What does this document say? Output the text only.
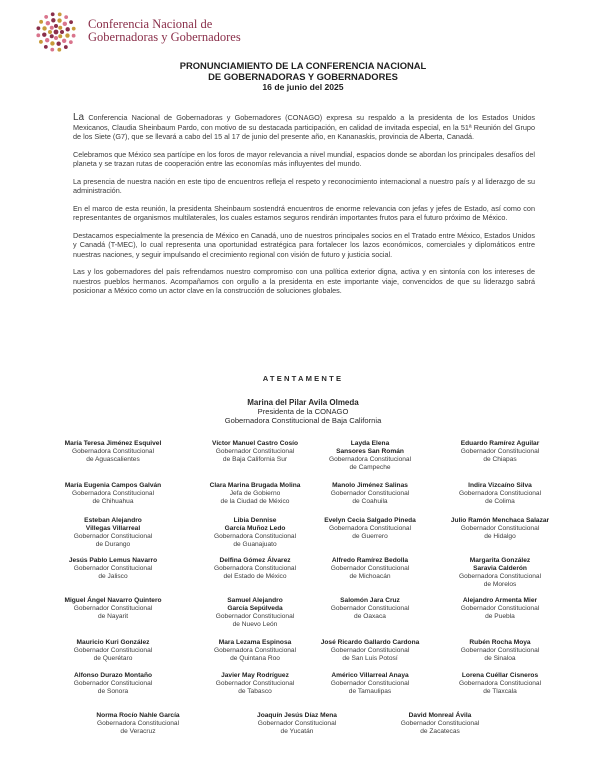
Conferencia Nacional de
Gobernadoras y Gobernadores
PRONUNCIAMIENTO DE LA CONFERENCIA NACIONAL
DE GOBERNADORAS Y GOBERNADORES
16 de junio del 2025

La Conferencia Nacional de Gobernadoras y Gobernadores (CONAGO) expresa su respaldo a la presidenta de los Estados Unidos Mexicanos, Claudia Sheinbaum Pardo, con motivo de su destacada participación, en calidad de invitada especial, en la 51ª Reunión del Grupo de los Siete (G7), que se llevará a cabo del 15 al 17 de junio del presente año, en Kananaskis, provincia de Alberta, Canadá.

Celebramos que México sea partícipe en los foros de mayor relevancia a nivel mundial, espacios donde se abordan los principales desafíos del planeta y se trazan rutas de cooperación entre las economías más influyentes del mundo.

La presencia de nuestra nación en este tipo de encuentros refleja el respeto y reconocimiento internacional a nuestro país y al liderazgo de su administración.

En el marco de esta reunión, la presidenta Sheinbaum sostendrá encuentros de enorme relevancia con jefas y jefes de Estado, así como con representantes de organismos multilaterales, los cuales estamos seguros rendirán importantes frutos para el futuro próximo de México.

Destacamos especialmente la presencia de México en Canadá, uno de nuestros principales socios en el Tratado entre México, Estados Unidos y Canadá (T-MEC), lo cual representa una oportunidad estratégica para fortalecer los lazos económicos, comerciales y diplomáticos entre nuestras naciones, y seguir impulsando el crecimiento regional con visión de futuro y justicia social.

Las y los gobernadores del país refrendamos nuestro compromiso con una política exterior digna, activa y en sintonía con los intereses de nuestros pueblos hermanos. Acompañamos con orgullo a la presidenta en este importante viaje, convencidos de que su liderazgo sabrá posicionar a México como un actor clave en la construcción de soluciones globales.

ATENTAMENTE
Marina del Pilar Avila Olmeda
Presidenta de la CONAGO
Gobernadora Constitucional de Baja California
María Teresa Jiménez Esquivel
Gobernadora Constitucional
de Aguascalientes
Víctor Manuel Castro Cosío
Gobernador Constitucional
de Baja California Sur
Layda Elena
Sansores San Román
Gobernadora Constitucional
de Campeche
Eduardo Ramírez Aguilar
Gobernador Constitucional
de Chiapas
María Eugenia Campos Galván
Gobernadora Constitucional
de Chihuahua
Clara Marina Brugada Molina
Jefa de Gobierno
de la Ciudad de México
Manolo Jiménez Salinas
Gobernador Constitucional
de Coahuila
Indira Vizcaíno Silva
Gobernadora Constitucional
de Colima
Esteban Alejandro
Villegas Villarreal
Gobernador Constitucional
de Durango
Libia Dennise
García Muñoz Ledo
Gobernadora Constitucional
de Guanajuato
Evelyn Cecia Salgado Pineda
Gobernadora Constitucional
de Guerrero
Julio Ramón Menchaca Salazar
Gobernador Constitucional
de Hidalgo
Jesús Pablo Lemus Navarro
Gobernador Constitucional
de Jalisco
Delfina Gómez Álvarez
Gobernadora Constitucional
del Estado de México
Alfredo Ramírez Bedolla
Gobernador Constitucional
de Michoacán
Margarita González
Saravia Calderón
Gobernadora Constitucional
de Morelos
Miguel Ángel Navarro Quintero
Gobernador Constitucional
de Nayarit
Samuel Alejandro
García Sepúlveda
Gobernador Constitucional
de Nuevo León
Salomón Jara Cruz
Gobernador Constitucional
de Oaxaca
Alejandro Armenta Mier
Gobernador Constitucional
de Puebla
Mauricio Kuri González
Gobernador Constitucional
de Querétaro
Mara Lezama Espinosa
Gobernadora Constitucional
de Quintana Roo
José Ricardo Gallardo Cardona
Gobernador Constitucional
de San Luis Potosí
Rubén Rocha Moya
Gobernador Constitucional
de Sinaloa
Alfonso Durazo Montaño
Gobernador Constitucional
de Sonora
Javier May Rodríguez
Gobernador Constitucional
de Tabasco
Américo Villarreal Anaya
Gobernador Constitucional
de Tamaulipas
Lorena Cuéllar Cisneros
Gobernadora Constitucional
de Tlaxcala
Norma Rocío Nahle García
Gobernadora Constitucional
de Veracruz
Joaquín Jesús Díaz Mena
Gobernador Constitucional
de Yucatán
David Monreal Ávila
Gobernador Constitucional
de Zacatecas
